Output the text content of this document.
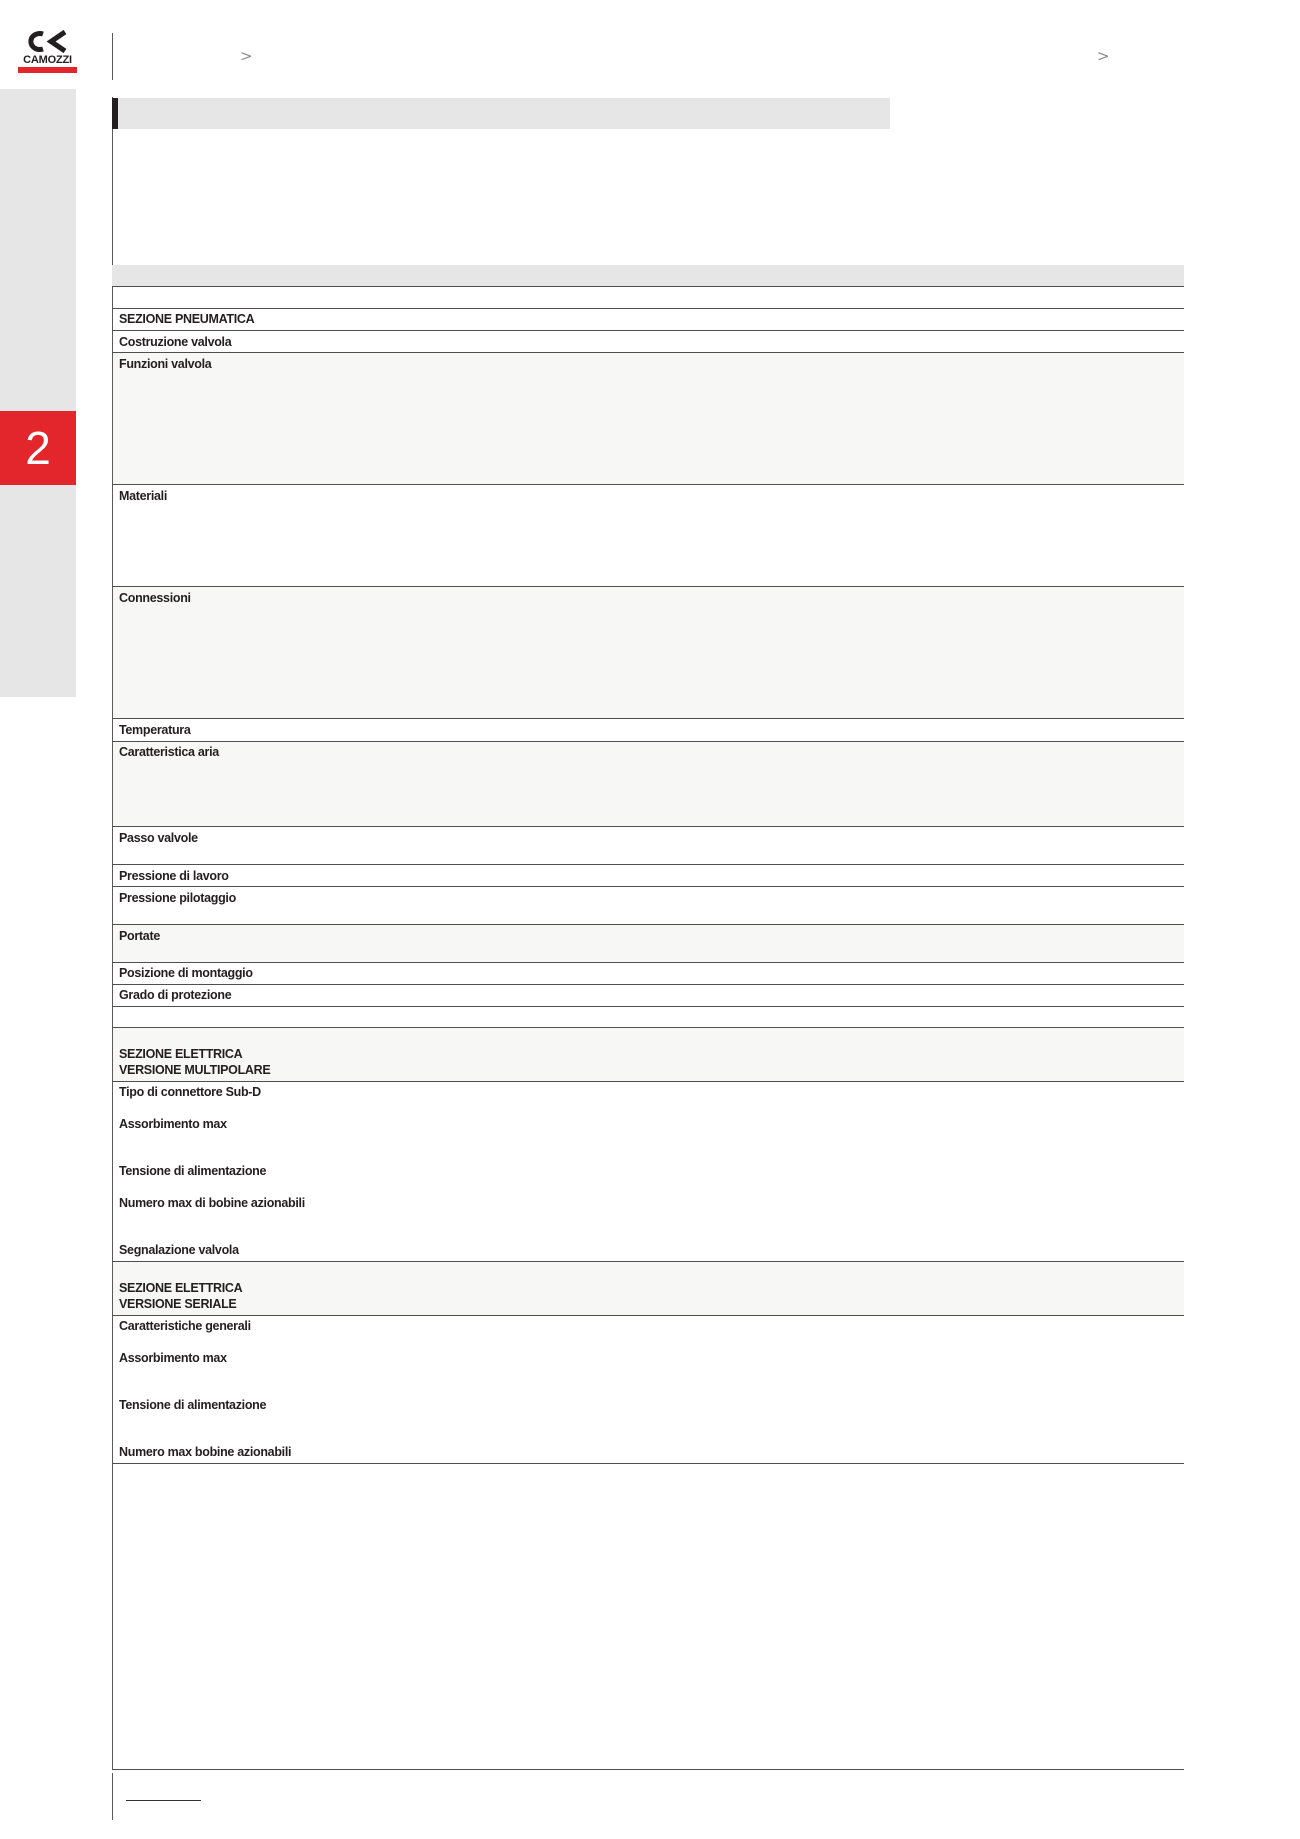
CAMOZZI	>	>
2
SEZIONE PNEUMATICA
Costruzione valvola
Funzioni valvola
Materiali
Connessioni
Temperatura
Caratteristica aria
Passo valvole
Pressione di lavoro
Pressione pilotaggio
Portate
Posizione di montaggio
Grado di protezione
SEZIONE ELETTRICA
VERSIONE MULTIPOLARE
Tipo di connettore Sub-D
Assorbimento max
Tensione di alimentazione
Numero max di bobine azionabili
Segnalazione valvola
SEZIONE ELETTRICA
VERSIONE SERIALE
Caratteristiche generali
Assorbimento max
Tensione di alimentazione
Numero max bobine azionabili
